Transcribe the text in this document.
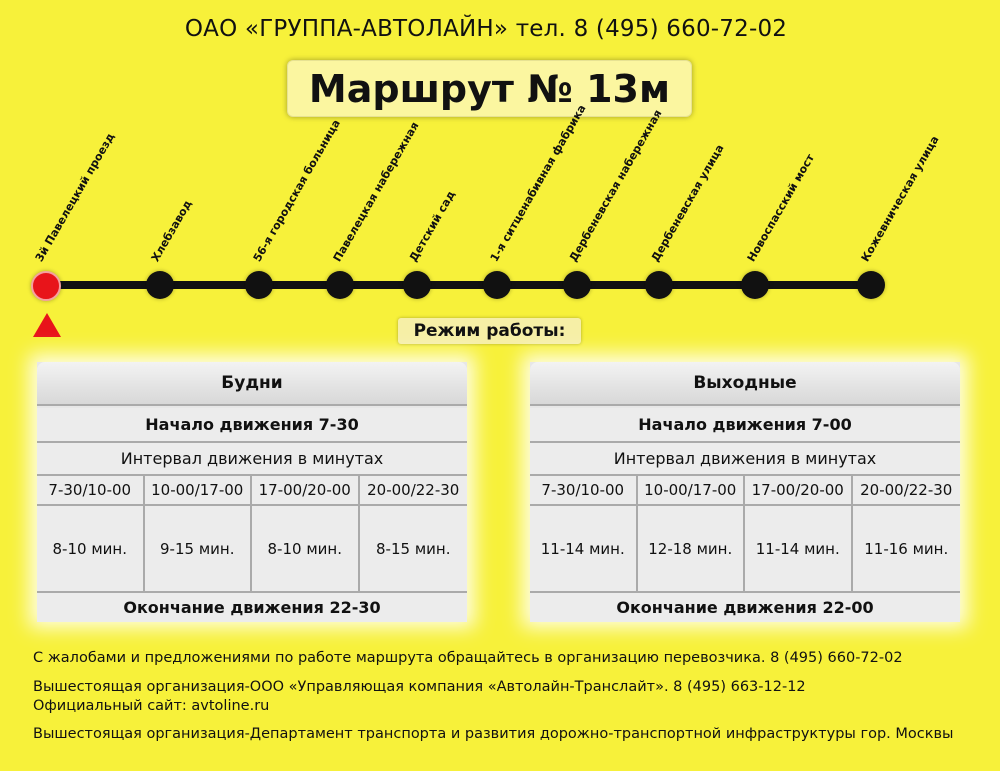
ОАО «ГРУППА-АВТОЛАЙН» тел. 8 (495) 660-72-02
Маршрут № 13м
3й Павелецкий проезд	Хлебзавод	56-я городская больница
Павелецкая набережная
Детский сад	1-я ситценабивная фабрика
Дербеневская набережная
Дербеневская улица Новоспасский мост	Кожевническая улица
Режим работы:
Будни
Начало движения 7-30
Интервал движения в минутах
7-30/10-00	10-00/17-00	17-00/20-00	20-00/22-30
8-10 мин.	9-15 мин.	8-10 мин.	8-15 мин.
Окончание движения 22-30
Выходные
Начало движения 7-00
Интервал движения в минутах
7-30/10-00	10-00/17-00	17-00/20-00	20-00/22-30
11-14 мин.	12-18 мин.	11-14 мин.	11-16 мин.
Окончание движения 22-00
С жалобами и предложениями по работе маршрута обращайтесь в организацию перевозчика. 8 (495) 660-72-02
Вышестоящая организация-ООО «Управляющая компания «Автолайн-Транслайт». 8 (495) 663-12-12
Официальный сайт: avtoline.ru
Вышестоящая организация-Департамент транспорта и развития дорожно-транспортной инфраструктуры гор. Москвы
